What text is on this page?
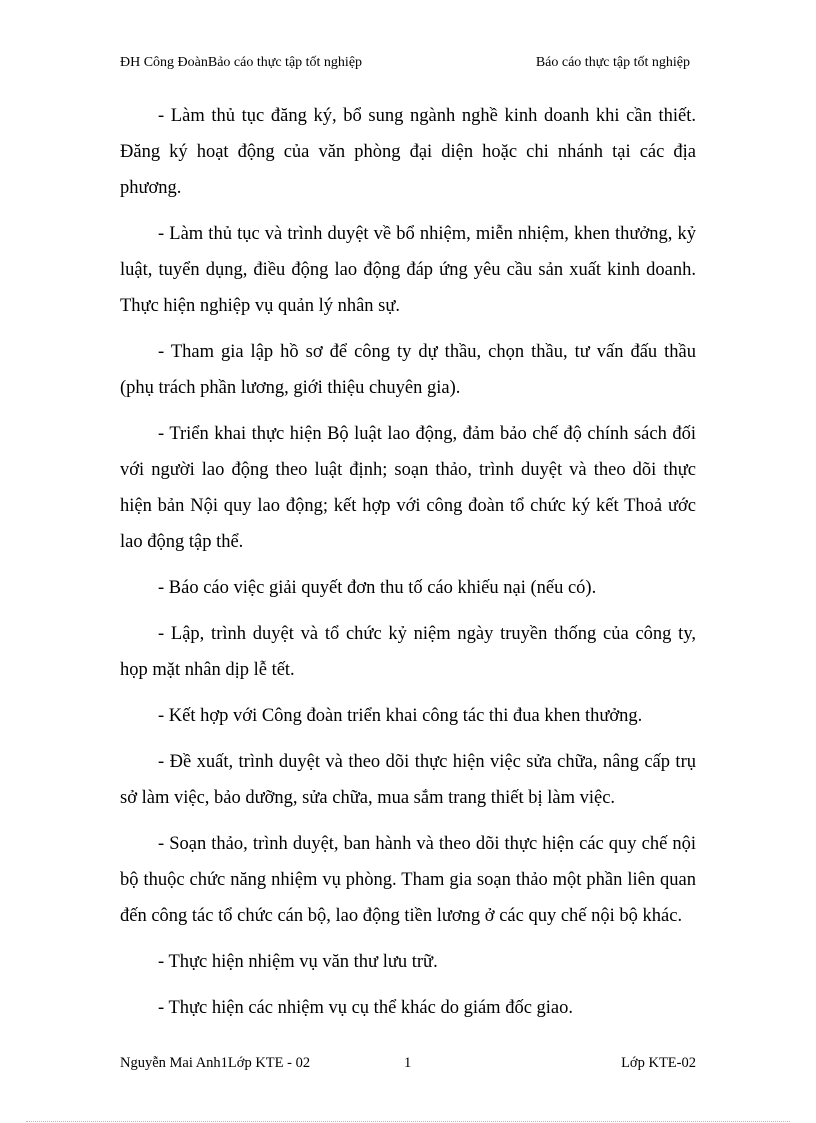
ĐH Công ĐoànBảo cáo thực tập tốt nghiệp	Báo cáo thực tập tốt nghiệp

- Làm thủ tục đăng ký, bổ sung ngành nghề kinh doanh khi cần thiết. Đăng ký hoạt động của văn phòng đại diện hoặc chi nhánh tại các địa phương.

- Làm thủ tục và trình duyệt về bổ nhiệm, miễn nhiệm, khen thưởng, kỷ luật, tuyển dụng, điều động lao động đáp ứng yêu cầu sản xuất kinh doanh. Thực hiện nghiệp vụ quản lý nhân sự.

- Tham gia lập hồ sơ để công ty dự thầu, chọn thầu, tư vấn đấu thầu (phụ trách phần lương, giới thiệu chuyên gia).

- Triển khai thực hiện Bộ luật lao động, đảm bảo chế độ chính sách đối với người lao động theo luật định; soạn thảo, trình duyệt và theo dõi thực hiện bản Nội quy lao động; kết hợp với công đoàn tổ chức ký kết Thoả ước lao động tập thể.

- Báo cáo việc giải quyết đơn thu tố cáo khiếu nại (nếu có).

- Lập, trình duyệt và tổ chức kỷ niệm ngày truyền thống của công ty, họp mặt nhân dịp lễ tết.

- Kết hợp với Công đoàn triển khai công tác thi đua khen thưởng.

- Đề xuất, trình duyệt và theo dõi thực hiện việc sửa chữa, nâng cấp trụ sở làm việc, bảo dưỡng, sửa chữa, mua sắm trang thiết bị làm việc.

- Soạn thảo, trình duyệt, ban hành và theo dõi thực hiện các quy chế nội bộ thuộc chức năng nhiệm vụ phòng. Tham gia soạn thảo một phần liên quan đến công tác tổ chức cán bộ, lao động tiền lương ở các quy chế nội bộ khác.

- Thực hiện nhiệm vụ văn thư lưu trữ.

- Thực hiện các nhiệm vụ cụ thể khác do giám đốc giao.

Nguyễn Mai Anh1Lớp KTE - 02	1	Lớp KTE-02
